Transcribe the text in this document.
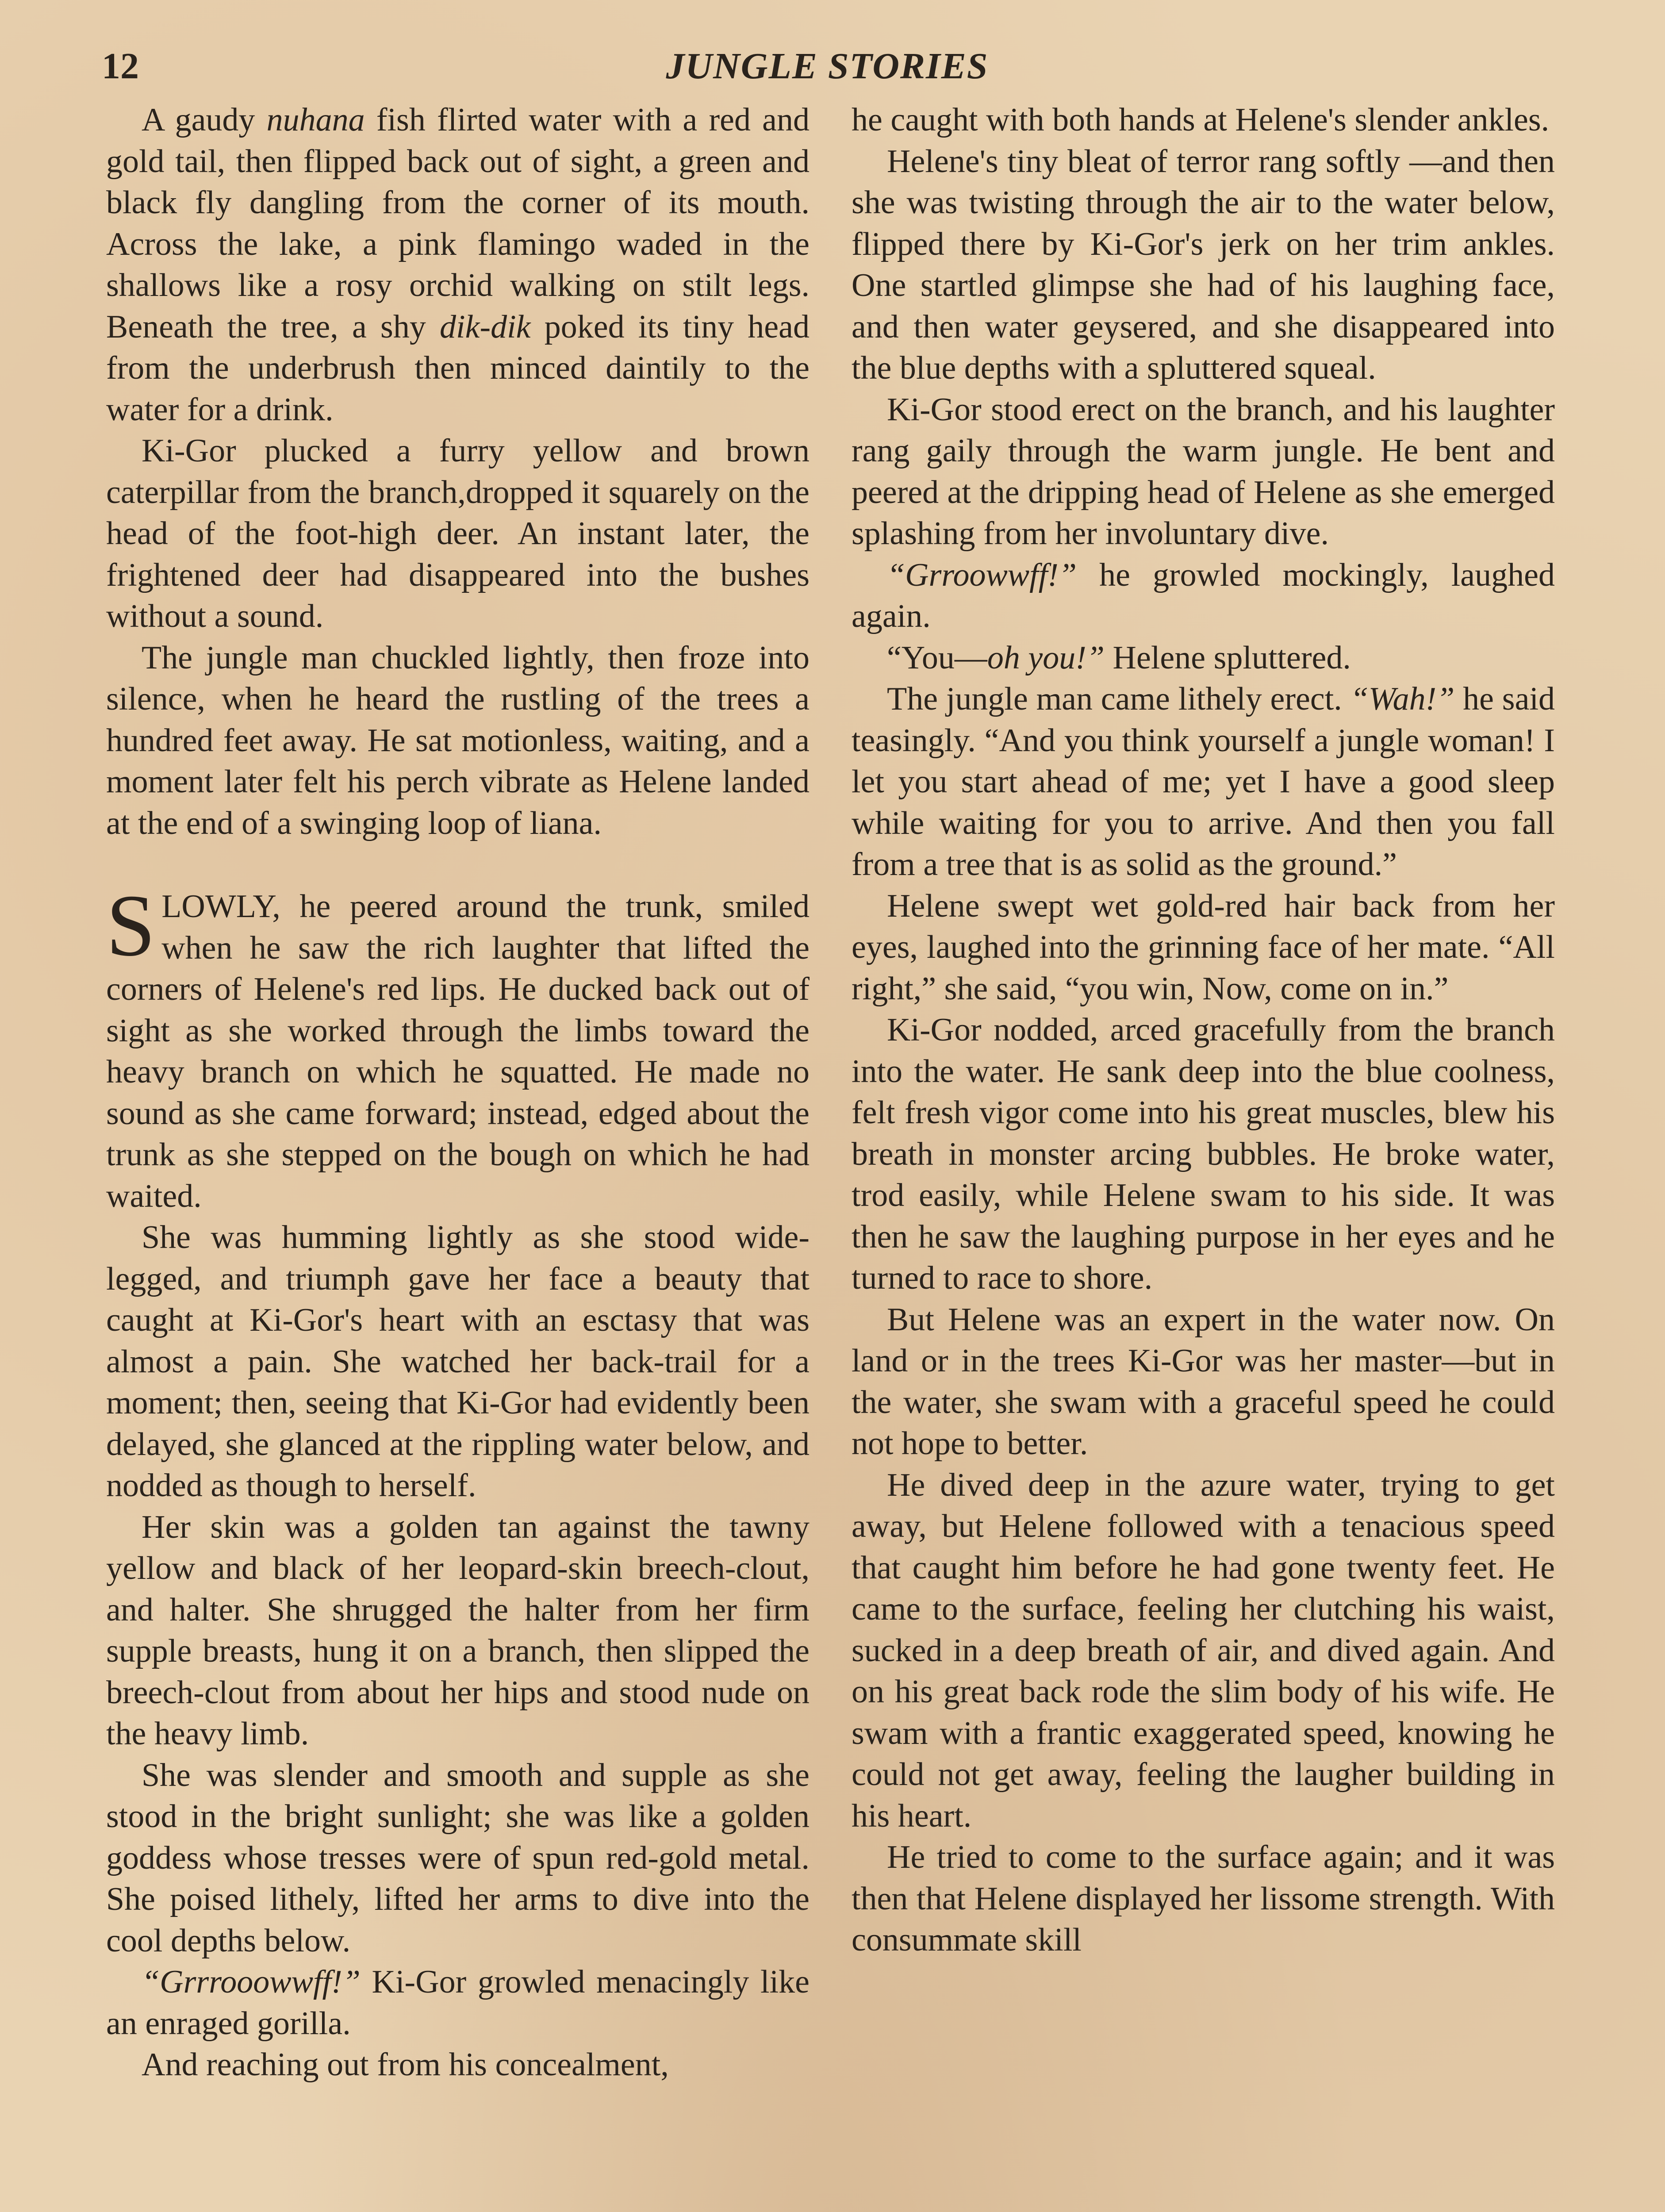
12	JUNGLE STORIES

A gaudy nuhana fish flirted water with a red and gold tail, then flipped back out of sight, a green and black fly dangling from the corner of its mouth. Across the lake, a pink flamingo waded in the shallows like a rosy orchid walking on stilt legs. Beneath the tree, a shy dik-dik poked its tiny head from the underbrush then minced daintily to the water for a drink.

Ki-Gor plucked a furry yellow and brown caterpillar from the branch,dropped it squarely on the head of the foot-high deer. An instant later, the frightened deer had disappeared into the bushes without a sound.

The jungle man chuckled lightly, then froze into silence, when he heard the rustling of the trees a hundred feet away. He sat motionless, waiting, and a moment later felt his perch vibrate as Helene landed at the end of a swinging loop of liana.

SLOWLY, he peered around the trunk, smiled when he saw the rich laughter that lifted the corners of Helene's red lips. He ducked back out of sight as she worked through the limbs toward the heavy branch on which he squatted. He made no sound as she came forward; instead, edged about the trunk as she stepped on the bough on which he had waited.

She was humming lightly as she stood wide-legged, and triumph gave her face a beauty that caught at Ki-Gor's heart with an esctasy that was almost a pain. She watched her back-trail for a moment; then, seeing that Ki-Gor had evidently been delayed, she glanced at the rippling water below, and nodded as though to herself.

Her skin was a golden tan against the tawny yellow and black of her leopard-skin breech-clout, and halter. She shrugged the halter from her firm supple breasts, hung it on a branch, then slipped the breech-clout from about her hips and stood nude on the heavy limb.

She was slender and smooth and supple as she stood in the bright sunlight; she was like a golden goddess whose tresses were of spun red-gold metal. She poised lithely, lifted her arms to dive into the cool depths below.

“Grrrooowwff!” Ki-Gor growled menacingly like an enraged gorilla.

And reaching out from his concealment,

he caught with both hands at Helene's slender ankles.

Helene's tiny bleat of terror rang softly —and then she was twisting through the air to the water below, flipped there by Ki-Gor's jerk on her trim ankles. One startled glimpse she had of his laughing face, and then water geysered, and she disappeared into the blue depths with a spluttered squeal.

Ki-Gor stood erect on the branch, and his laughter rang gaily through the warm jungle. He bent and peered at the dripping head of Helene as she emerged splashing from her involuntary dive.

“Grroowwff!” he growled mockingly, laughed again.

“You—oh you!” Helene spluttered.

The jungle man came lithely erect. “Wah!” he said teasingly. “And you think yourself a jungle woman! I let you start ahead of me; yet I have a good sleep while waiting for you to arrive. And then you fall from a tree that is as solid as the ground.”

Helene swept wet gold-red hair back from her eyes, laughed into the grinning face of her mate. “All right,” she said, “you win, Now, come on in.”

Ki-Gor nodded, arced gracefully from the branch into the water. He sank deep into the blue coolness, felt fresh vigor come into his great muscles, blew his breath in monster arcing bubbles. He broke water, trod easily, while Helene swam to his side. It was then he saw the laughing purpose in her eyes and he turned to race to shore.

But Helene was an expert in the water now. On land or in the trees Ki-Gor was her master—but in the water, she swam with a graceful speed he could not hope to better.

He dived deep in the azure water, trying to get away, but Helene followed with a tenacious speed that caught him before he had gone twenty feet. He came to the surface, feeling her clutching his waist, sucked in a deep breath of air, and dived again. And on his great back rode the slim body of his wife. He swam with a frantic exaggerated speed, knowing he could not get away, feeling the laugher building in his heart.

He tried to come to the surface again; and it was then that Helene displayed her lissome strength. With consummate skill
